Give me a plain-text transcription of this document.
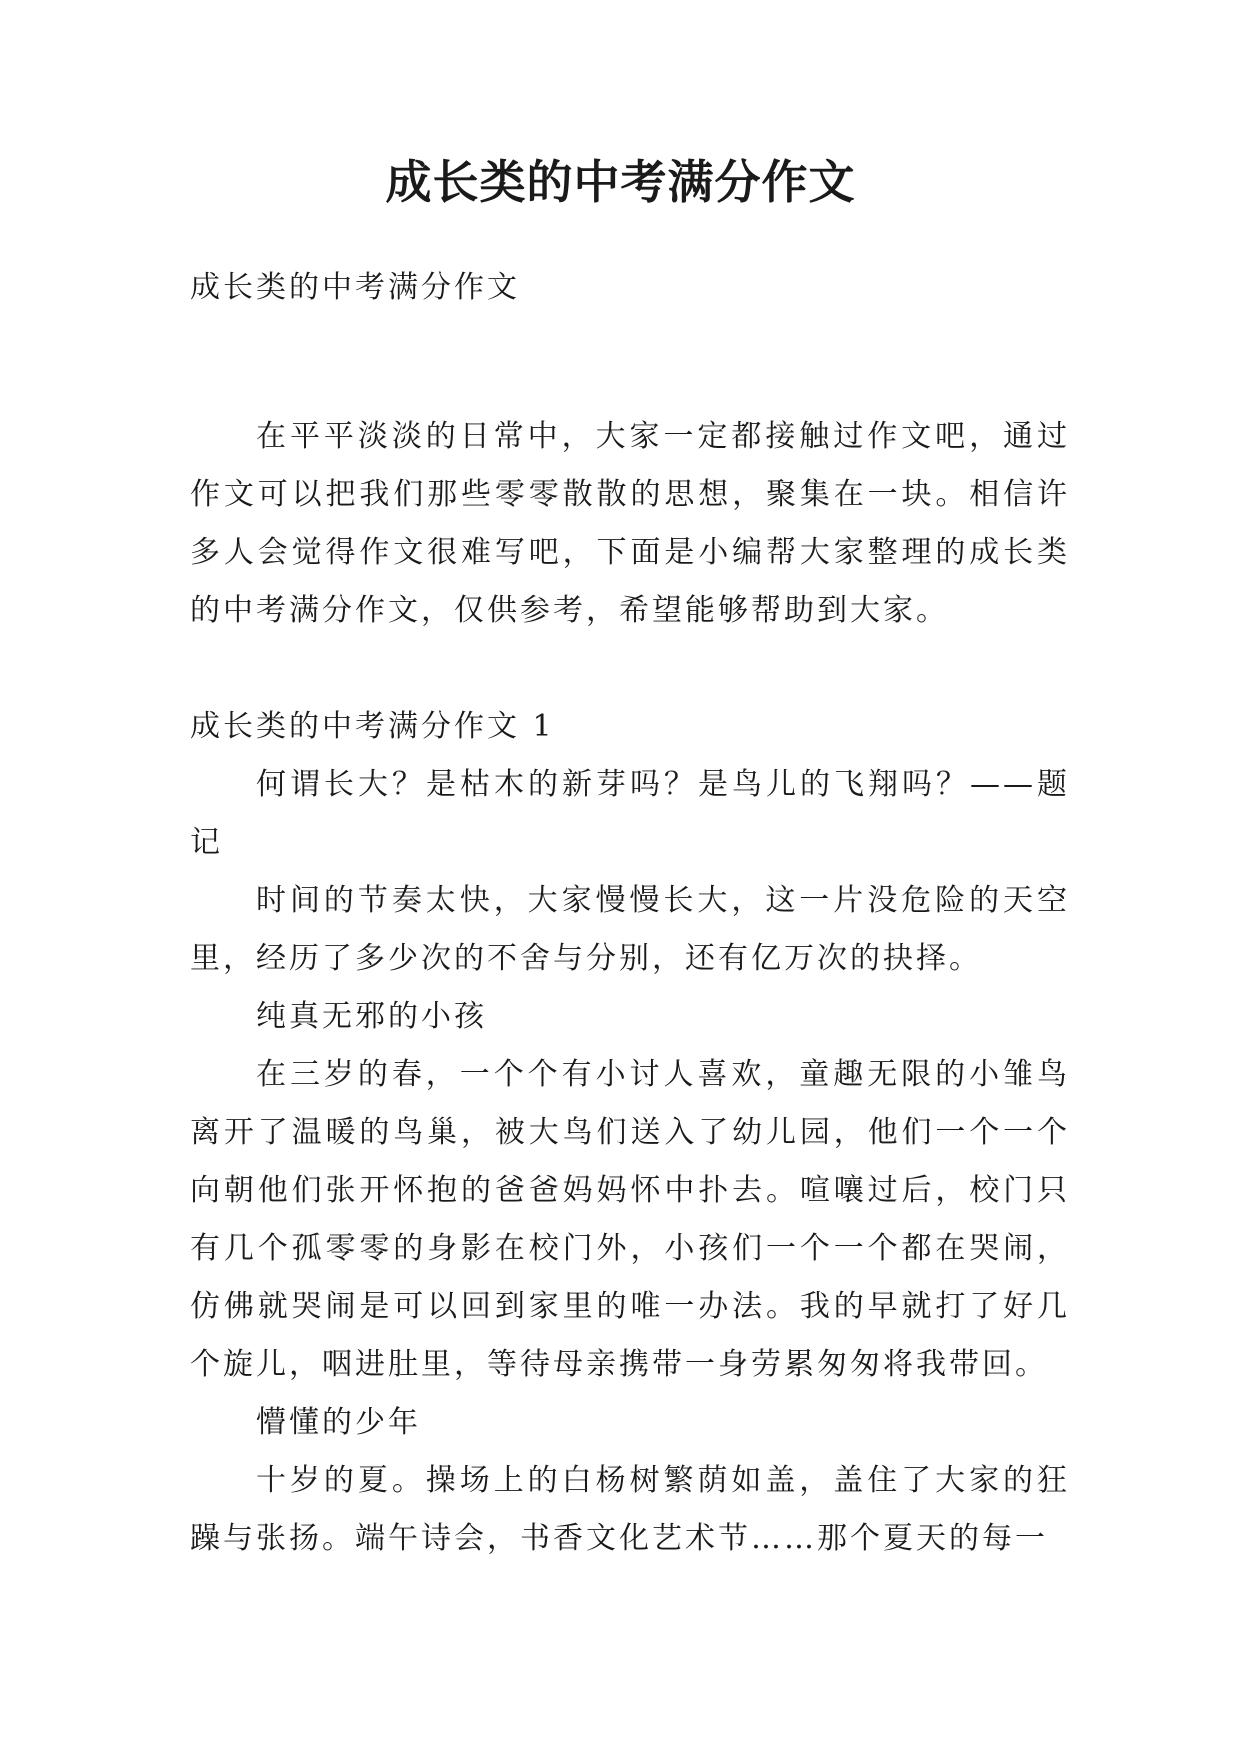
成长类的中考满分作文

成长类的中考满分作文

在平平淡淡的日常中，大家一定都接触过作文吧，通过作文可以把我们那些零零散散的思想，聚集在一块。相信许多人会觉得作文很难写吧，下面是小编帮大家整理的成长类的中考满分作文，仅供参考，希望能够帮助到大家。

成长类的中考满分作文 1

何谓长大？是枯木的新芽吗？是鸟儿的飞翔吗？——题记

时间的节奏太快，大家慢慢长大，这一片没危险的天空里，经历了多少次的不舍与分别，还有亿万次的抉择。

纯真无邪的小孩

在三岁的春，一个个有小讨人喜欢，童趣无限的小雏鸟离开了温暖的鸟巢，被大鸟们送入了幼儿园，他们一个一个向朝他们张开怀抱的爸爸妈妈怀中扑去。喧嚷过后，校门只有几个孤零零的身影在校门外，小孩们一个一个都在哭闹，仿佛就哭闹是可以回到家里的唯一办法。我的早就打了好几个旋儿，咽进肚里，等待母亲携带一身劳累匆匆将我带回。

懵懂的少年

十岁的夏。操场上的白杨树繁荫如盖，盖住了大家的狂躁与张扬。端午诗会，书香文化艺术节……那个夏天的每一
